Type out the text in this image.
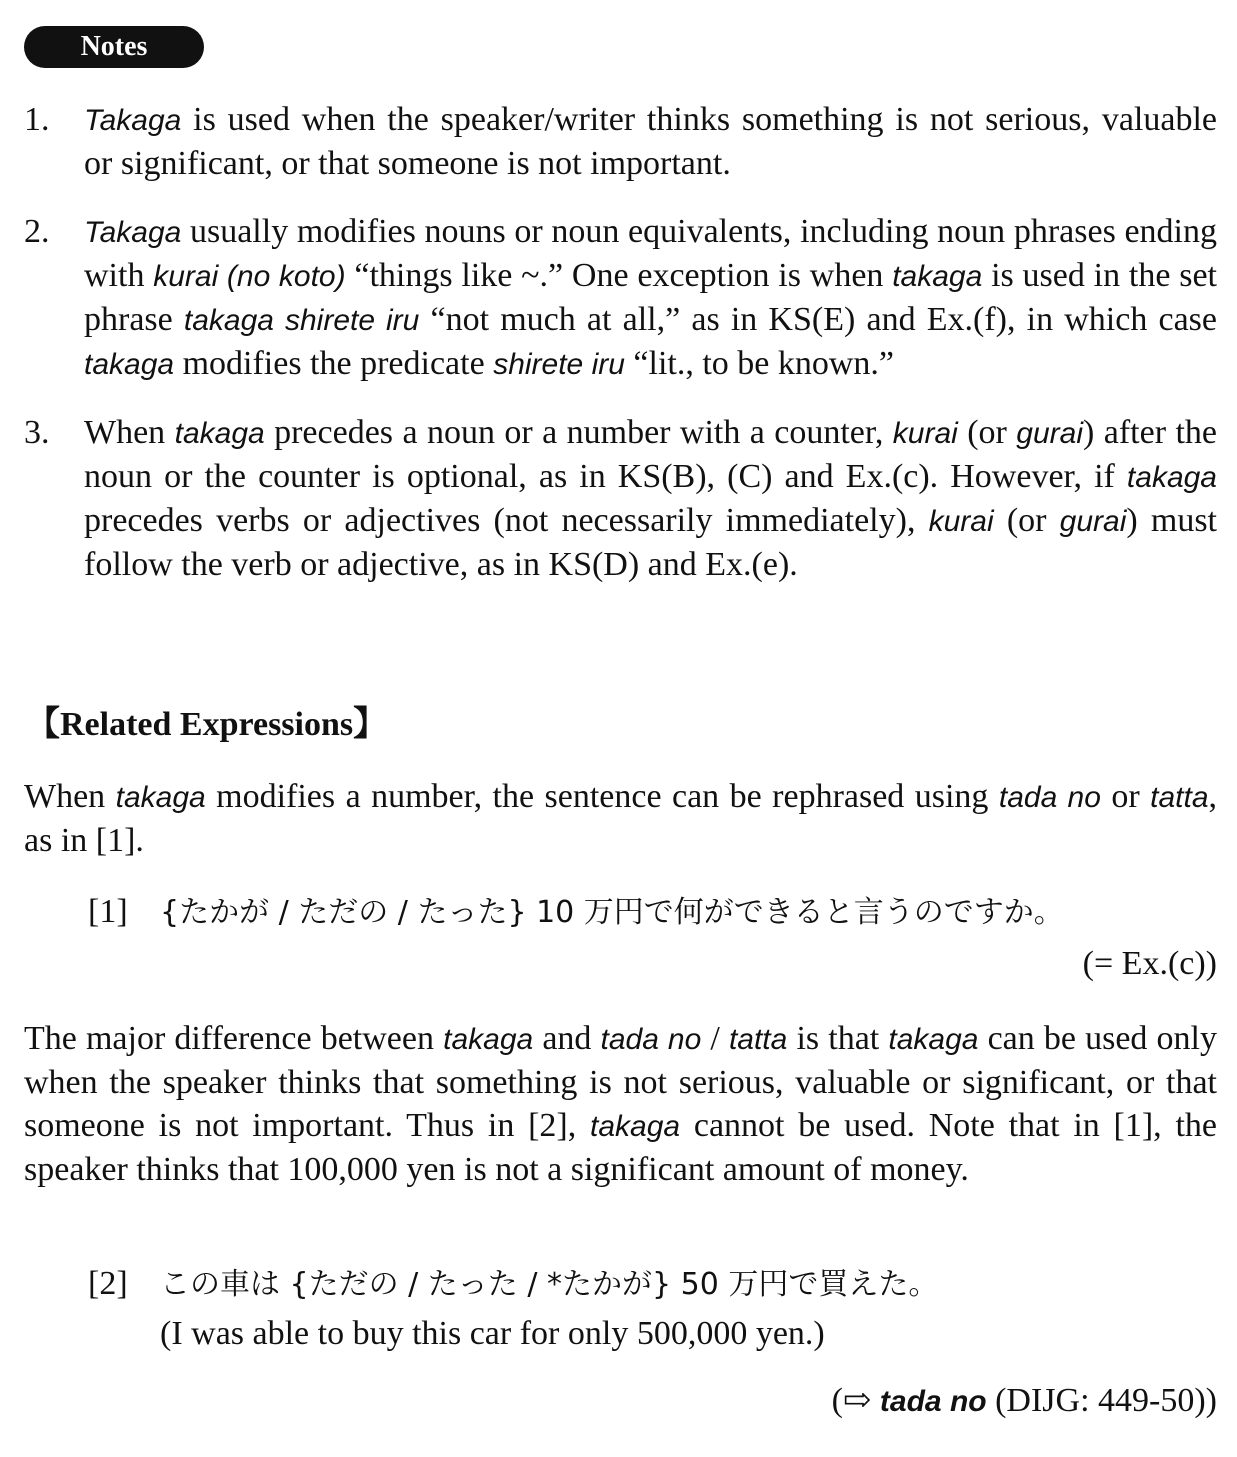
Notes
1. Takaga is used when the speaker/writer thinks something is not serious, valuable or significant, or that someone is not important.
2. Takaga usually modifies nouns or noun equivalents, including noun phrases ending with kurai (no koto) “things like ~.” One exception is when takaga is used in the set phrase takaga shirete iru “not much at all,” as in KS(E) and Ex.(f), in which case takaga modifies the predicate shirete iru “lit., to be known.”
3. When takaga precedes a noun or a number with a counter, kurai (or gurai) after the noun or the counter is optional, as in KS(B), (C) and Ex.(c). However, if takaga precedes verbs or adjectives (not necessarily immediately), kurai (or gurai) must follow the verb or adjective, as in KS(D) and Ex.(e).
【Related Expressions】
When takaga modifies a number, the sentence can be rephrased using tada no or tatta, as in [1].
[1] {たかが / ただの / たった} 10 万円で何ができると言うのですか。
(= Ex.(c))
The major difference between takaga and tada no / tatta is that takaga can be used only when the speaker thinks that something is not serious, valuable or significant, or that someone is not important. Thus in [2], takaga cannot be used. Note that in [1], the speaker thinks that 100,000 yen is not a significant amount of money.
[2] この車は {ただの / たった / *たかが} 50 万円で買えた。
(I was able to buy this car for only 500,000 yen.)
(⇨ tada no (DIJG: 449-50))
